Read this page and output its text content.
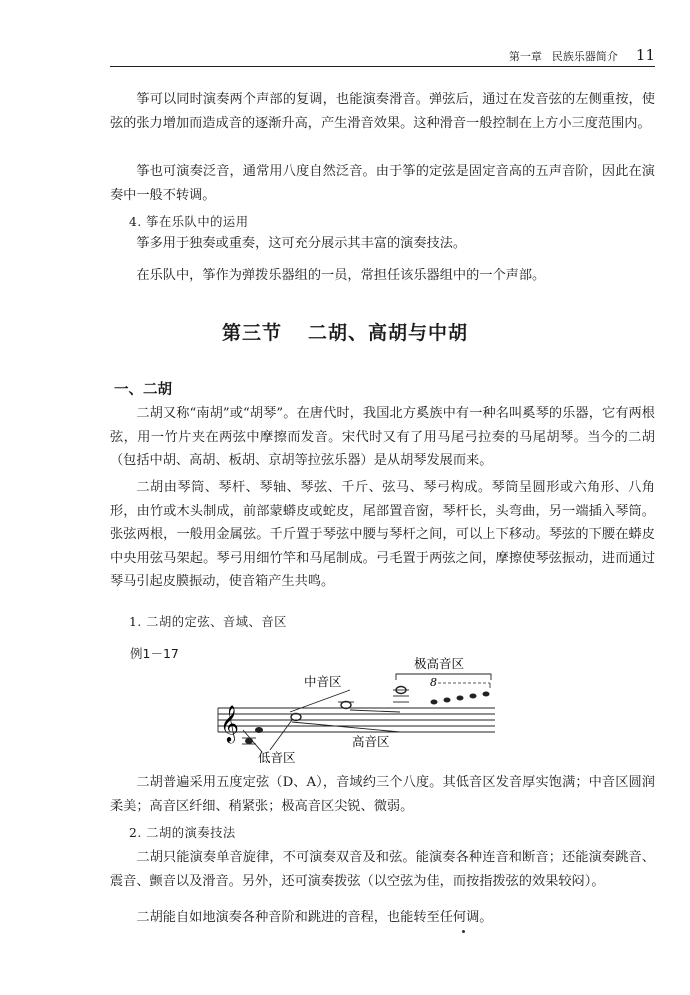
第一章 民族乐器简介 11

筝可以同时演奏两个声部的复调，也能演奏滑音。弹弦后，通过在发音弦的左侧重按，使弦的张力增加而造成音的逐渐升高，产生滑音效果。这种滑音一般控制在上方小三度范围内。

筝也可演奏泛音，通常用八度自然泛音。由于筝的定弦是固定音高的五声音阶，因此在演奏中一般不转调。

4. 筝在乐队中的运用

筝多用于独奏或重奏，这可充分展示其丰富的演奏技法。

在乐队中，筝作为弹拨乐器组的一员，常担任该乐器组中的一个声部。

第三节 二胡、高胡与中胡
一、二胡

二胡又称“南胡”或“胡琴”。在唐代时，我国北方奚族中有一种名叫奚琴的乐器，它有两根弦，用一竹片夹在两弦中摩擦而发音。宋代时又有了用马尾弓拉奏的马尾胡琴。当今的二胡（包括中胡、高胡、板胡、京胡等拉弦乐器）是从胡琴发展而来。

二胡由琴筒、琴杆、琴轴、琴弦、千斤、弦马、琴弓构成。琴筒呈圆形或六角形、八角形，由竹或木头制成，前部蒙蟒皮或蛇皮，尾部置音窗，琴杆长，头弯曲，另一端插入琴筒。张弦两根，一般用金属弦。千斤置于琴弦中腰与琴杆之间，可以上下移动。琴弦的下腰在蟒皮中央用弦马架起。琴弓用细竹竿和马尾制成。弓毛置于两弦之间，摩擦使琴弦振动，进而通过琴马引起皮膜振动，使音箱产生共鸣。

1. 二胡的定弦、音域、音区

例1－17
𝄞
8
中音区
低音区
高音区
极高音区

二胡普遍采用五度定弦（D、A），音域约三个八度。其低音区发音厚实饱满；中音区圆润柔美；高音区纤细、稍紧张；极高音区尖锐、微弱。

2. 二胡的演奏技法

二胡只能演奏单音旋律，不可演奏双音及和弦。能演奏各种连音和断音；还能演奏跳音、震音、颤音以及滑音。另外，还可演奏拨弦（以空弦为佳，而按指拨弦的效果较闷）。

二胡能自如地演奏各种音阶和跳进的音程，也能转至任何调。
